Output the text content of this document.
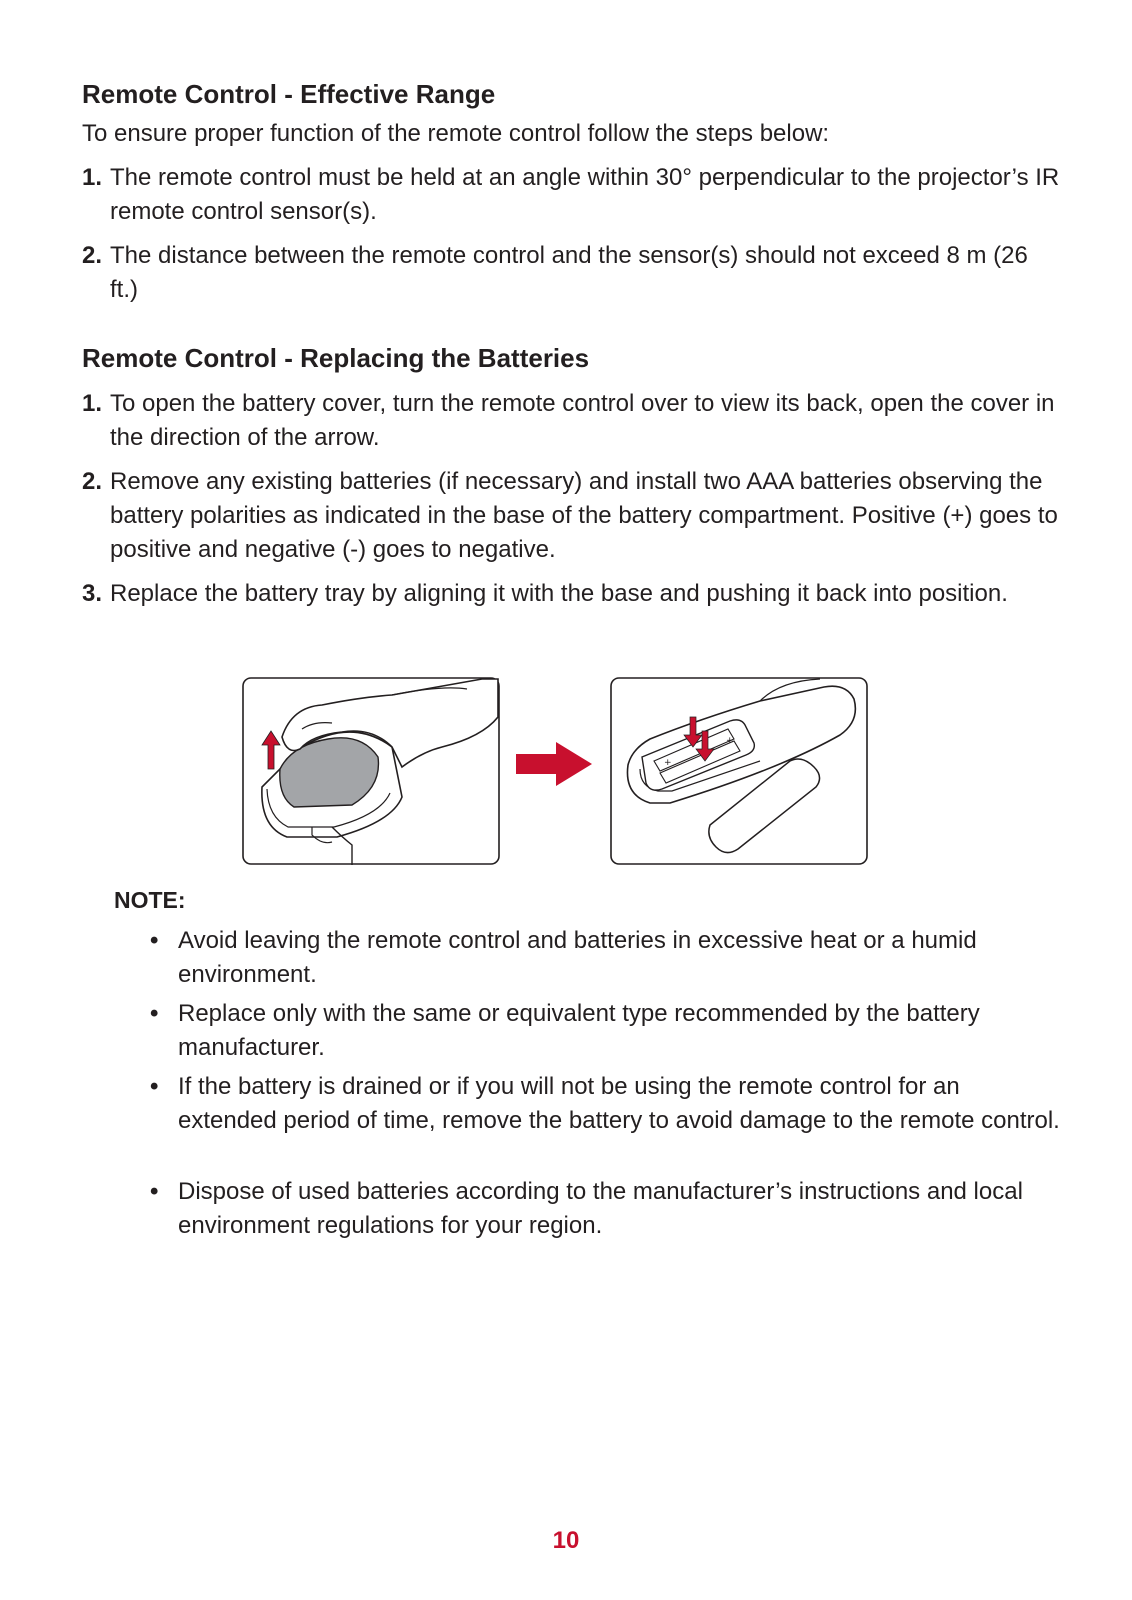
Remote Control - Effective Range

To ensure proper function of the remote control follow the steps below:

1. The remote control must be held at an angle within 30° perpendicular to the projector’s IR remote control sensor(s).
2. The distance between the remote control and the sensor(s) should not exceed 8 m (26 ft.)
Remote Control - Replacing the Batteries
1. To open the battery cover, turn the remote control over to view its back, open the cover in the direction of the arrow.
2. Remove any existing batteries (if necessary) and install two AAA batteries observing the battery polarities as indicated in the base of the battery compartment. Positive (+) goes to positive and negative (-) goes to negative.
3. Replace the battery tray by aligning it with the base and pushing it back into position.
+
+
NOTE:
• Avoid leaving the remote control and batteries in excessive heat or a humid environment.
• Replace only with the same or equivalent type recommended by the battery manufacturer.
• If the battery is drained or if you will not be using the remote control for an extended period of time, remove the battery to avoid damage to the remote control.
• Dispose of used batteries according to the manufacturer’s instructions and local environment regulations for your region.
10
